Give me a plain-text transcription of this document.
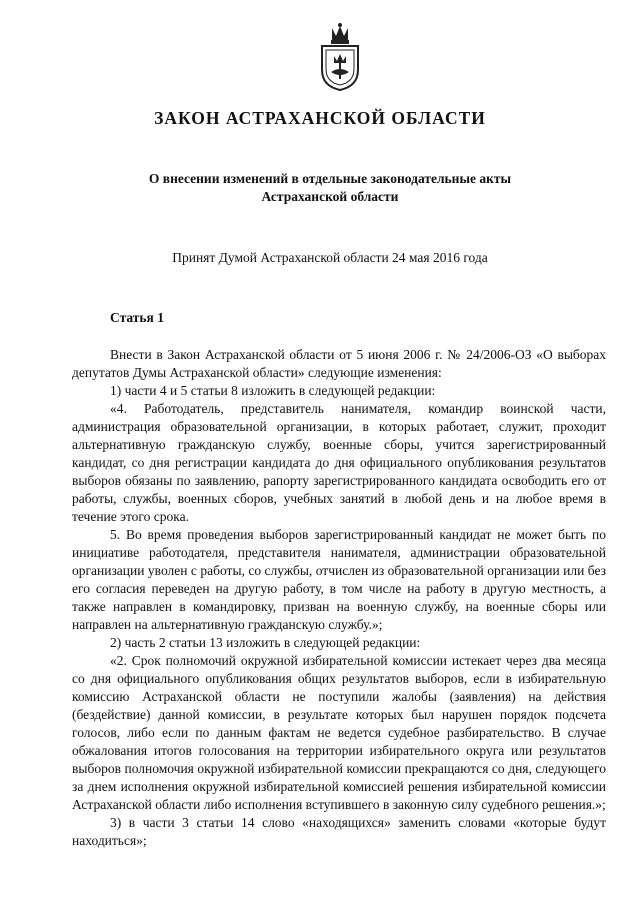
ЗАКОН АСТРАХАНСКОЙ ОБЛАСТИ
О внесении изменений в отдельные законодательные акты
Астраханской области
Принят Думой Астраханской области 24 мая 2016 года
Статья 1

Внести в Закон Астраханской области от 5 июня 2006 г. № 24/2006-ОЗ «О выборах депутатов Думы Астраханской области» следующие изменения:

1) части 4 и 5 статьи 8 изложить в следующей редакции:

«4. Работодатель, представитель нанимателя, командир воинской части, администрация образовательной организации, в которых работает, служит, проходит альтернативную гражданскую службу, военные сборы, учится зарегистрированный кандидат, со дня регистрации кандидата до дня официального опубликования результатов выборов обязаны по заявлению, рапорту зарегистрированного кандидата освободить его от работы, службы, военных сборов, учебных занятий в любой день и на любое время в течение этого срока.

5. Во время проведения выборов зарегистрированный кандидат не может быть по инициативе работодателя, представителя нанимателя, администрации образовательной организации уволен с работы, со службы, отчислен из образовательной организации или без его согласия переведен на другую работу, в том числе на работу в другую местность, а также направлен в командировку, призван на военную службу, на военные сборы или направлен на альтернативную гражданскую службу.»;

2) часть 2 статьи 13 изложить в следующей редакции:

«2. Срок полномочий окружной избирательной комиссии истекает через два месяца со дня официального опубликования общих результатов выборов, если в избирательную комиссию Астраханской области не поступили жалобы (заявления) на действия (бездействие) данной комиссии, в результате которых был нарушен порядок подсчета голосов, либо если по данным фактам не ведется судебное разбирательство. В случае обжалования итогов голосования на территории избирательного округа или результатов выборов полномочия окружной избирательной комиссии прекращаются со дня, следующего за днем исполнения окружной избирательной комиссией решения избирательной комиссии Астраханской области либо исполнения вступившего в законную силу судебного решения.»;

3) в части 3 статьи 14 слово «находящихся» заменить словами «которые будут находиться»;
